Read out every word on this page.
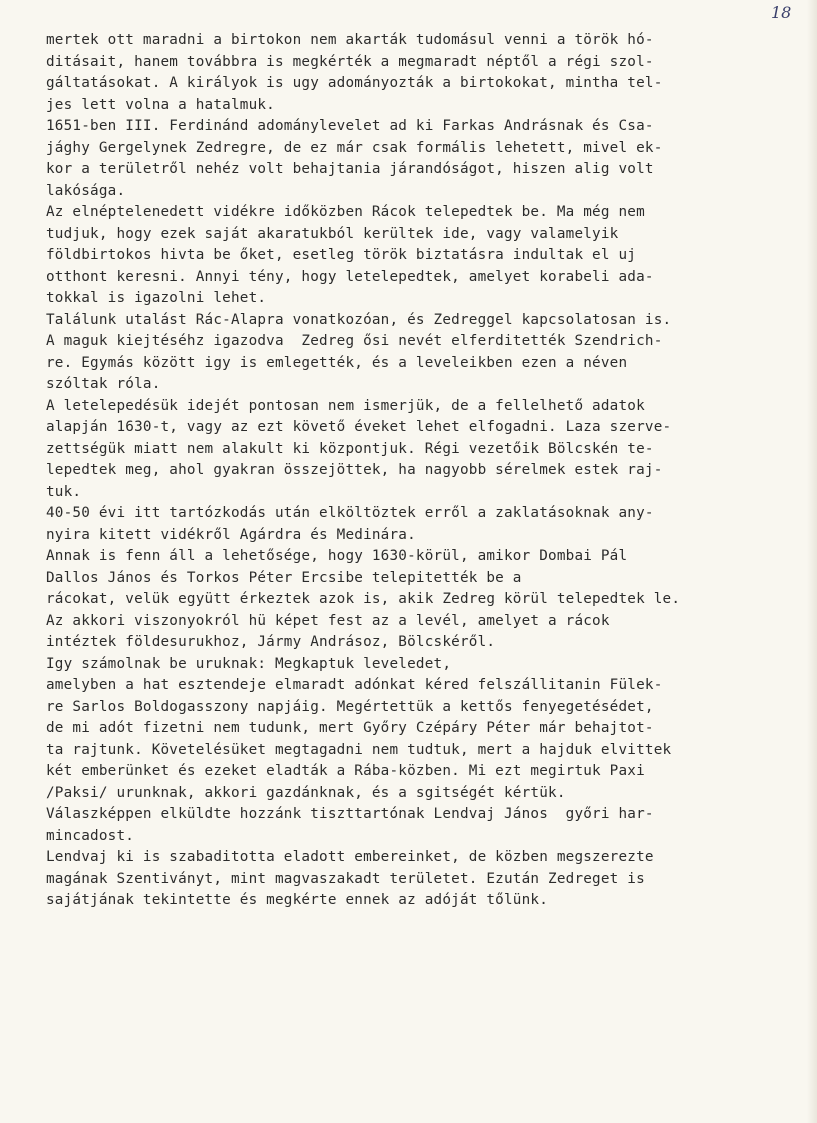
18
mertek ott maradni a birtokon nem akarták tudomásul venni a török hó-
ditásait, hanem továbbra is megkérték a megmaradt néptől a régi szol-
gáltatásokat. A királyok is ugy adományozták a birtokokat, mintha tel-
jes lett volna a hatalmuk.
1651-ben III. Ferdinánd adománylevelet ad ki Farkas Andrásnak és Csa-
jághy Gergelynek Zedregre, de ez már csak formális lehetett, mivel ek-
kor a területről nehéz volt behajtania járandóságot, hiszen alig volt
lakósága.
Az elnéptelenedett vidékre időközben Rácok telepedtek be. Ma még nem
tudjuk, hogy ezek saját akaratukból kerültek ide, vagy valamelyik
földbirtokos hivta be őket, esetleg török biztatásra indultak el uj
otthont keresni. Annyi tény, hogy letelepedtek, amelyet korabeli ada-
tokkal is igazolni lehet.
Találunk utalást Rác-Alapra vonatkozóan, és Zedreggel kapcsolatosan is.
A maguk kiejtéséhz igazodva  Zedreg ősi nevét elferditették Szendrich-
re. Egymás között igy is emlegették, és a leveleikben ezen a néven
szóltak róla.
A letelepedésük idejét pontosan nem ismerjük, de a fellelhető adatok
alapján 1630-t, vagy az ezt követő éveket lehet elfogadni. Laza szerve-
zettségük miatt nem alakult ki központjuk. Régi vezetőik Bölcskén te-
lepedtek meg, ahol gyakran összejöttek, ha nagyobb sérelmek estek raj-
tuk.
40-50 évi itt tartózkodás után elköltöztek erről a zaklatásoknak any-
nyira kitett vidékről Agárdra és Medinára.
Annak is fenn áll a lehetősége, hogy 1630-körül, amikor Dombai Pál
Dallos János és Torkos Péter Ercsibe telepitették be a
rácokat, velük együtt érkeztek azok is, akik Zedreg körül telepedtek le.
Az akkori viszonyokról hü képet fest az a levél, amelyet a rácok
intéztek földesurukhoz, Jármy Andrásoz, Bölcskéről.
Igy számolnak be uruknak: Megkaptuk leveledet,
amelyben a hat esztendeje elmaradt adónkat kéred felszállitanin Fülek-
re Sarlos Boldogasszony napjáig. Megértettük a kettős fenyegetésédet,
de mi adót fizetni nem tudunk, mert Győry Czépáry Péter már behajtot-
ta rajtunk. Követelésüket megtagadni nem tudtuk, mert a hajduk elvittek
két emberünket és ezeket eladták a Rába-közben. Mi ezt megirtuk Paxi
/Paksi/ urunknak, akkori gazdánknak, és a sgitségét kértük.
Válaszképpen elküldte hozzánk tiszttartónak Lendvaj János  győri har-
mincadost.
Lendvaj ki is szabaditotta eladott embereinket, de közben megszerezte
magának Szentiványt, mint magvaszakadt területet. Ezután Zedreget is
sajátjának tekintette és megkérte ennek az adóját tőlünk.
